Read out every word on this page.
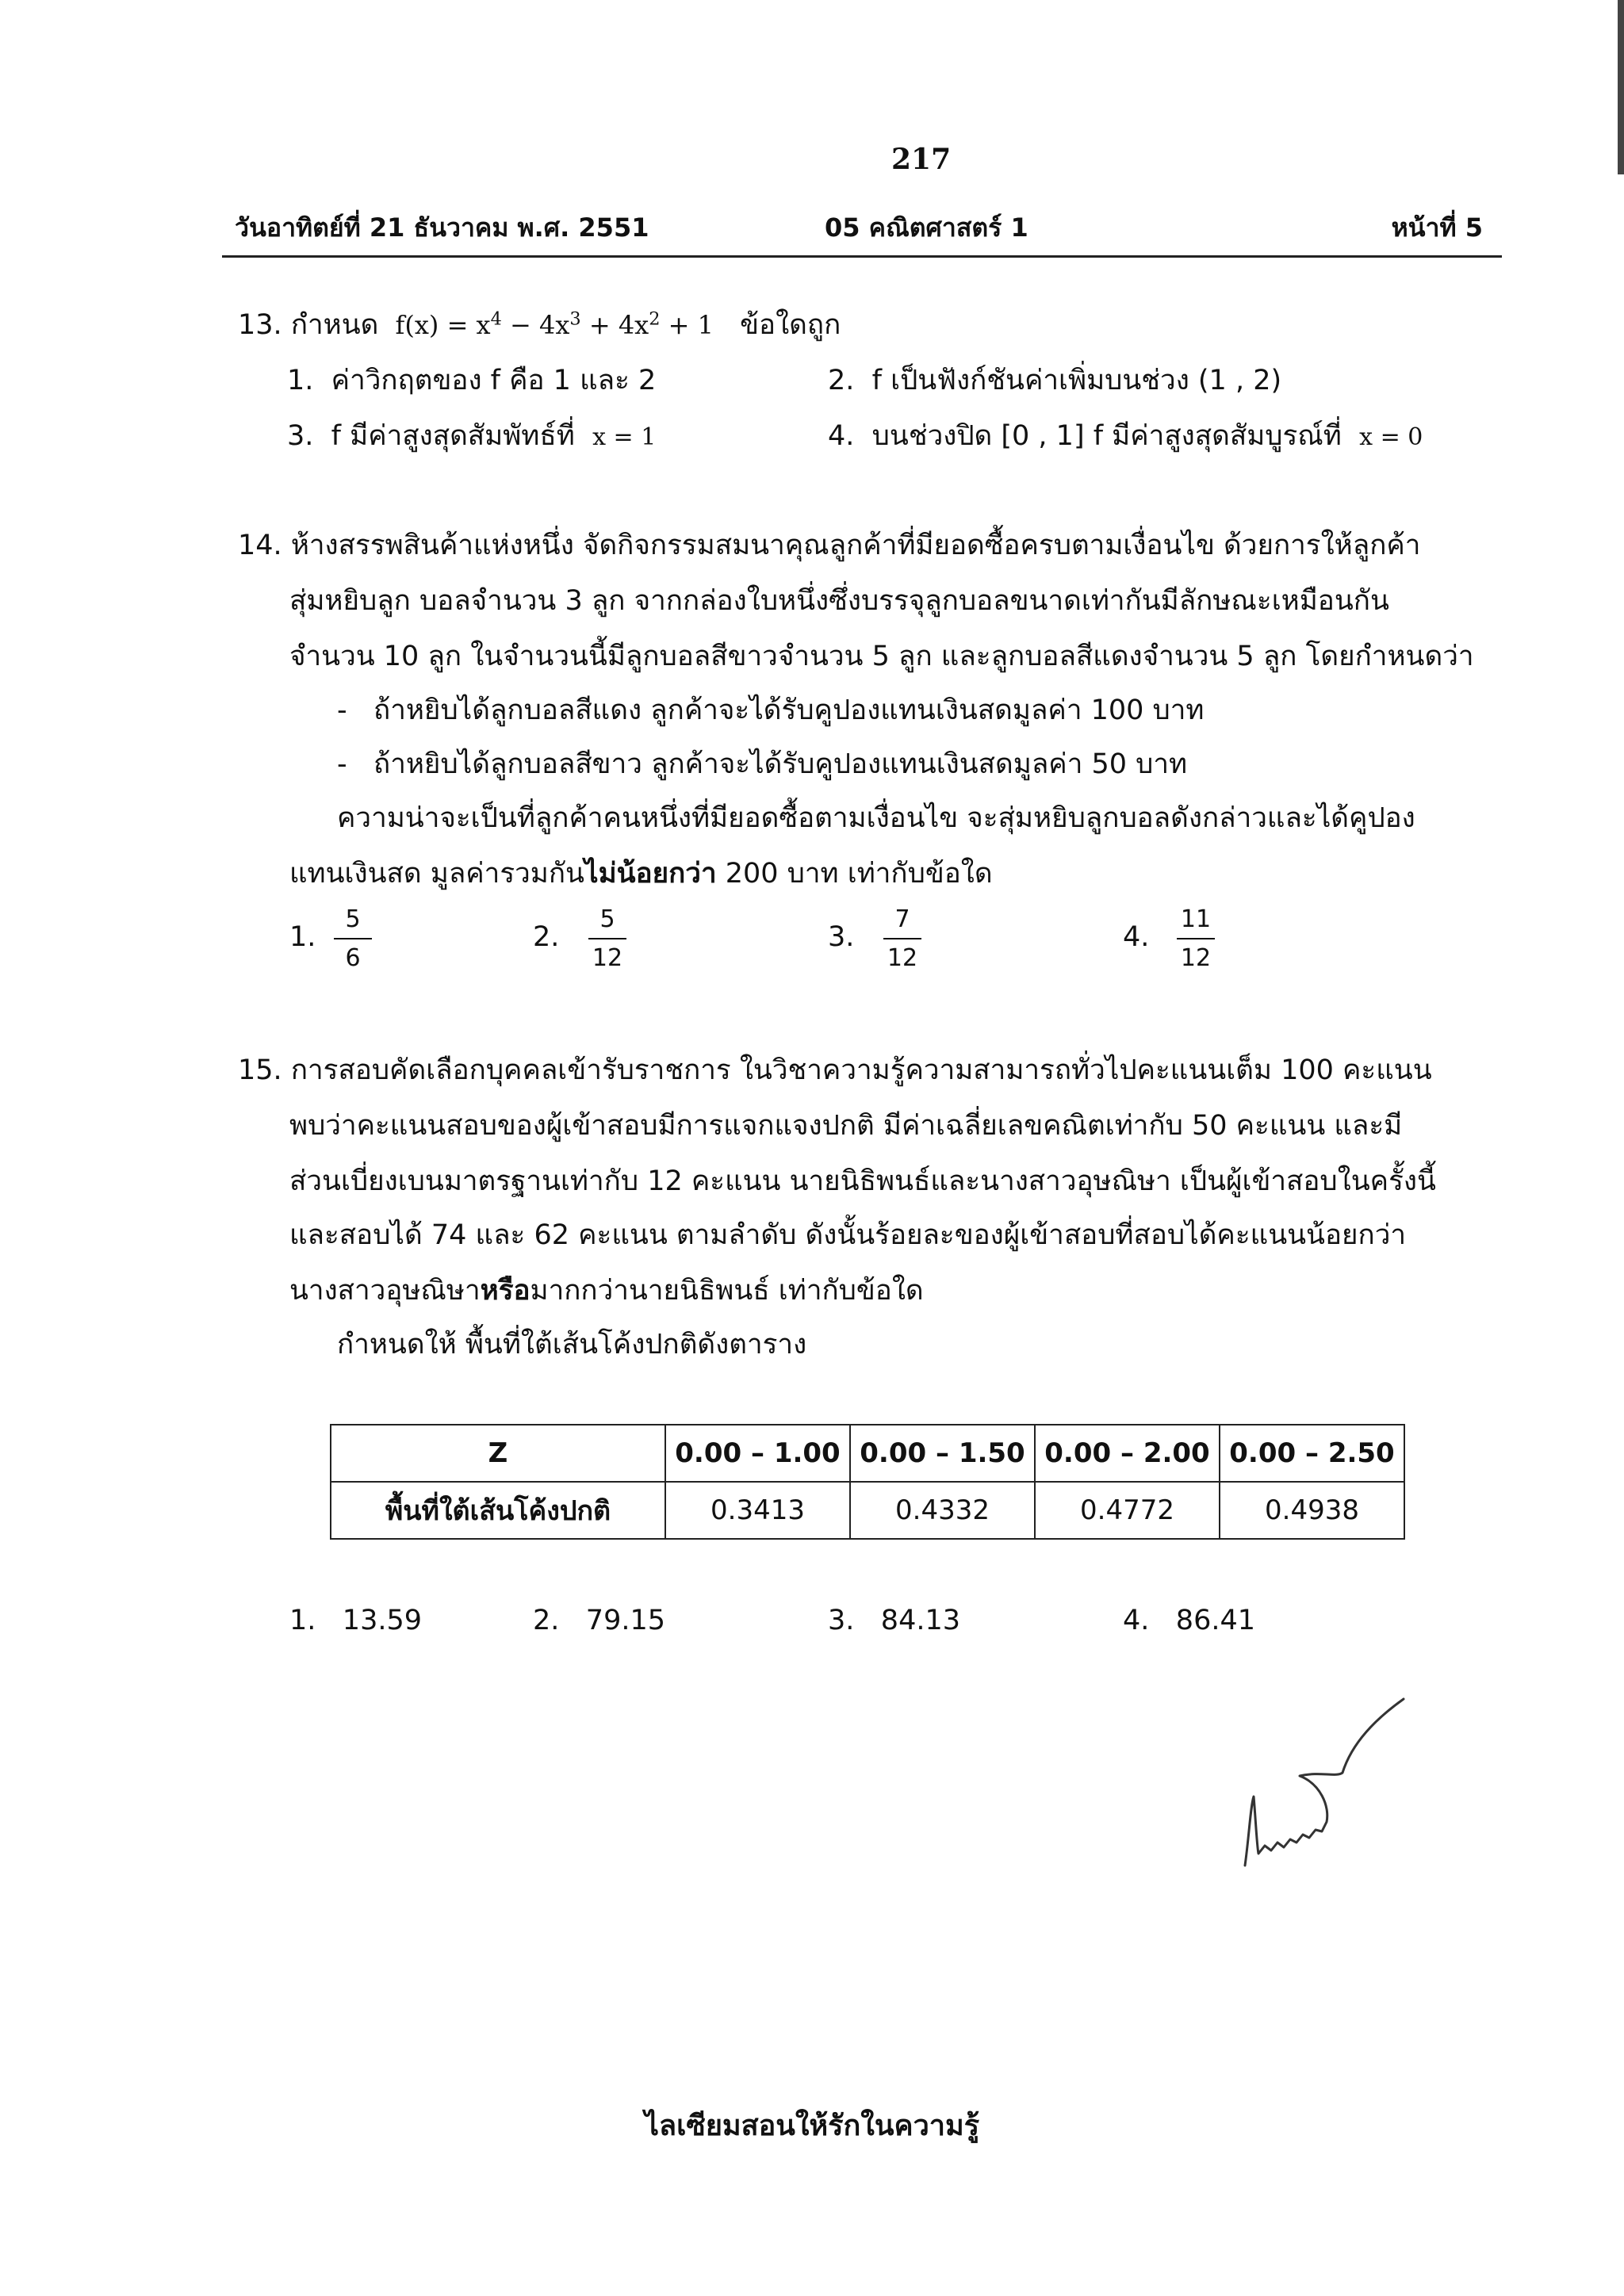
217
วันอาทิตย์ที่ 21 ธันวาคม พ.ศ. 2551	05 คณิตศาสตร์ 1	หน้าที่ 5
13. กำหนด $f(x) = x^4 - 4x^3 + 4x^2 + 1$ ข้อใดถูก
1. ค่าวิกฤตของ f คือ 1 และ 2	2. f เป็นฟังก์ชันค่าเพิ่มบนช่วง (1 , 2)
3. f มีค่าสูงสุดสัมพัทธ์ที่ x = 1	4. บนช่วงปิด [0 , 1] f มีค่าสูงสุดสัมบูรณ์ที่ x = 0
14. ห้างสรรพสินค้าแห่งหนึ่ง จัดกิจกรรมสมนาคุณลูกค้าที่มียอดซื้อครบตามเงื่อนไข ด้วยการให้ลูกค้า
สุ่มหยิบลูก บอลจำนวน 3 ลูก จากกล่องใบหนึ่งซึ่งบรรจุลูกบอลขนาดเท่ากันมีลักษณะเหมือนกัน
จำนวน 10 ลูก ในจำนวนนี้มีลูกบอลสีขาวจำนวน 5 ลูก และลูกบอลสีแดงจำนวน 5 ลูก โดยกำหนดว่า
-   ถ้าหยิบได้ลูกบอลสีแดง ลูกค้าจะได้รับคูปองแทนเงินสดมูลค่า 100 บาท
-   ถ้าหยิบได้ลูกบอลสีขาว ลูกค้าจะได้รับคูปองแทนเงินสดมูลค่า 50 บาท
ความน่าจะเป็นที่ลูกค้าคนหนึ่งที่มียอดซื้อตามเงื่อนไข จะสุ่มหยิบลูกบอลดังกล่าวและได้คูปอง
แทนเงินสด มูลค่ารวมกันไม่น้อยกว่า 200 บาท เท่ากับข้อใด
1.
5
6
2.
5
12
3.
7
12
4.
11
12
15. การสอบคัดเลือกบุคคลเข้ารับราชการ ในวิชาความรู้ความสามารถทั่วไปคะแนนเต็ม 100 คะแนน
พบว่าคะแนนสอบของผู้เข้าสอบมีการแจกแจงปกติ มีค่าเฉลี่ยเลขคณิตเท่ากับ 50 คะแนน และมี
ส่วนเบี่ยงเบนมาตรฐานเท่ากับ 12 คะแนน นายนิธิพนธ์และนางสาวอุษณิษา เป็นผู้เข้าสอบในครั้งนี้
และสอบได้ 74 และ 62 คะแนน ตามลำดับ ดังนั้นร้อยละของผู้เข้าสอบที่สอบได้คะแนนน้อยกว่า
นางสาวอุษณิษาหรือมากกว่านายนิธิพนธ์ เท่ากับข้อใด
กำหนดให้ พื้นที่ใต้เส้นโค้งปกติดังตาราง
Z	0.00 – 1.00	0.00 – 1.50	0.00 – 2.00	0.00 – 2.50
พื้นที่ใต้เส้นโค้งปกติ	0.3413	0.4332	0.4772	0.4938
1. 13.59	2. 79.15	3. 84.13	4. 86.41
ไลเซียมสอนให้รักในความรู้
